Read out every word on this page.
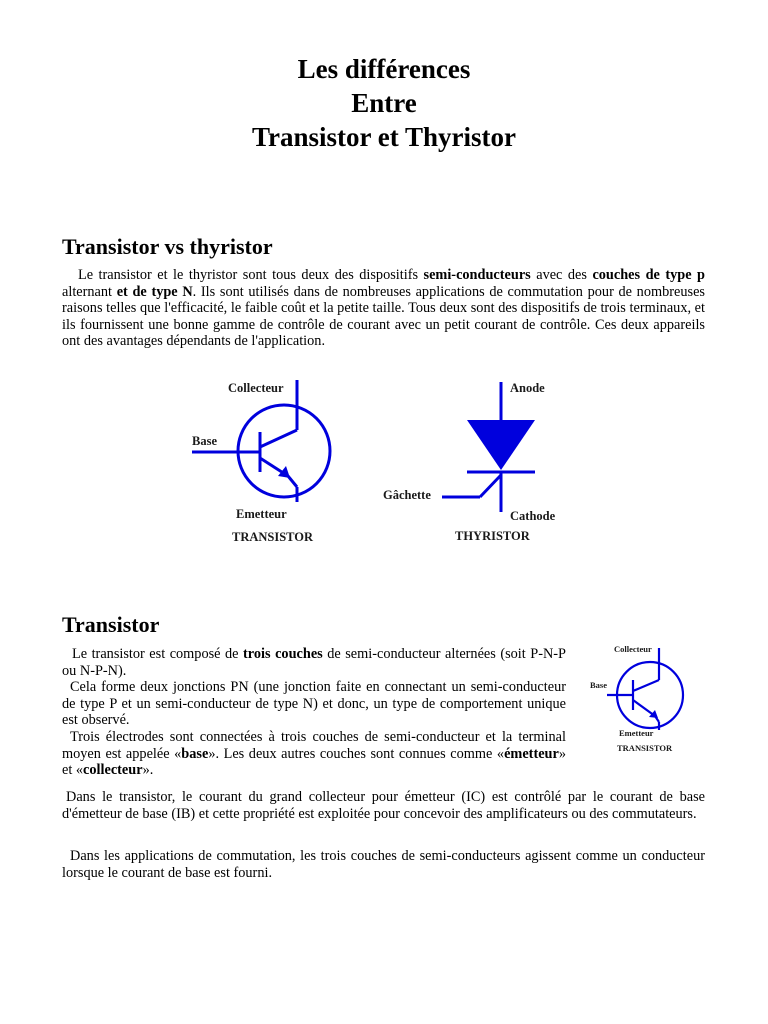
Les différences
Entre
Transistor et Thyristor
Transistor vs thyristor

Le transistor et le thyristor sont tous deux des dispositifs semi-conducteurs avec des couches de type p alternant et de type N. Ils sont utilisés dans de nombreuses applications de commutation pour de nombreuses raisons telles que l'efficacité, le faible coût et la petite taille. Tous deux sont des dispositifs de trois terminaux, et ils fournissent une bonne gamme de contrôle de courant avec un petit courant de contrôle. Ces deux appareils ont des avantages dépendants de l'application.

Collecteur
Base
Emetteur
TRANSISTOR
Anode
Gâchette
Cathode
THYRISTOR
Transistor

Le transistor est composé de trois couches de semi-conducteur alternées (soit P-N-P ou N-P-N).

Cela forme deux jonctions PN (une jonction faite en connectant un semi-conducteur de type P et un semi-conducteur de type N) et donc, un type de comportement unique est observé.

Trois électrodes sont connectées à trois couches de semi-conducteur et la terminal moyen est appelée «base». Les deux autres couches sont connues comme «émetteur» et «collecteur».

Collecteur
Base
Emetteur
TRANSISTOR

Dans le transistor, le courant du grand collecteur pour émetteur (IC) est contrôlé par le courant de base d'émetteur de base (IB) et cette propriété est exploitée pour concevoir des amplificateurs ou des commutateurs.

Dans les applications de commutation, les trois couches de semi-conducteurs agissent comme un conducteur lorsque le courant de base est fourni.
